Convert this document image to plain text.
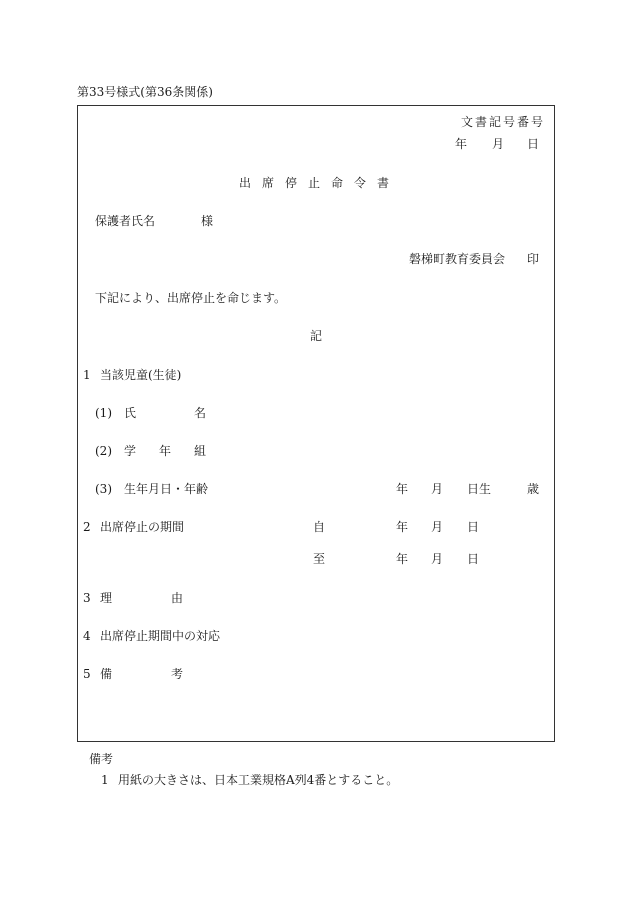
第33号様式(第36条関係)
文書記号番号
年 月 日
出席停止命令書
保護者氏名	様
磐梯町教育委員会 印
下記により、出席停止を命じます。
記
1 当該児童(生徒)
(1) 氏	名
(2) 学 年 組
(3) 生年月日・年齢	年 月 日生	歳
2 出席停止の期間	自	年 月 日
至	年 月 日
3 理	由
4 出席停止期間中の対応
5 備	考
備考
1 用紙の大きさは、日本工業規格A列4番とすること。
